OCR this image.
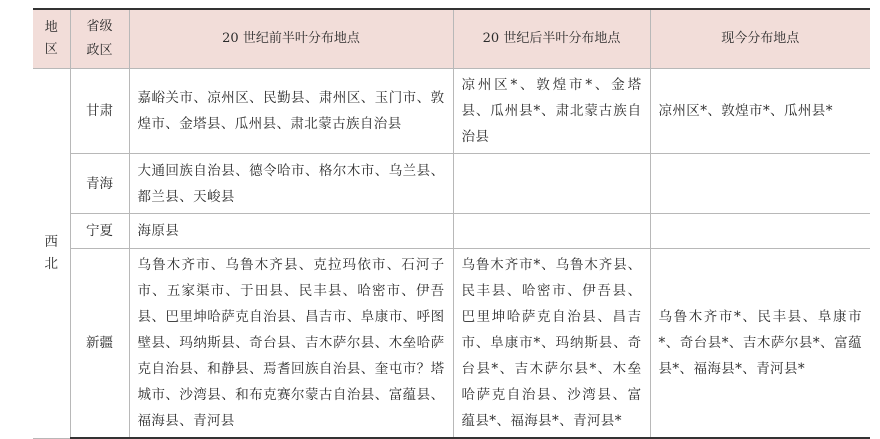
地区	省级政区	20 世纪前半叶分布地点	20 世纪后半叶分布地点	现今分布地点
西北	甘肃	嘉峪关市、凉州区、民勤县、肃州区、玉门市、敦煌市、金塔县、瓜州县、肃北蒙古族自治县	凉州区*、敦煌市*、金塔县、瓜州县*、肃北蒙古族自治县	凉州区*、敦煌市*、瓜州县*
	青海	大通回族自治县、德令哈市、格尔木市、乌兰县、都兰县、天峻县		
	宁夏	海原县		
	新疆	乌鲁木齐市、乌鲁木齐县、克拉玛依市、石河子市、五家渠市、于田县、民丰县、哈密市、伊吾县、巴里坤哈萨克自治县、昌吉市、阜康市、呼图壁县、玛纳斯县、奇台县、吉木萨尔县、木垒哈萨克自治县、和静县、焉耆回族自治县、奎屯市？塔城市、沙湾县、和布克赛尔蒙古自治县、富蕴县、福海县、青河县	乌鲁木齐市*、乌鲁木齐县、民丰县、哈密市、伊吾县、巴里坤哈萨克自治县、昌吉市、阜康市*、玛纳斯县、奇台县*、吉木萨尔县*、木垒哈萨克自治县、沙湾县、富蕴县*、福海县*、青河县*	乌鲁木齐市*、民丰县、阜康市*、奇台县*、吉木萨尔县*、富蕴县*、福海县*、青河县*
